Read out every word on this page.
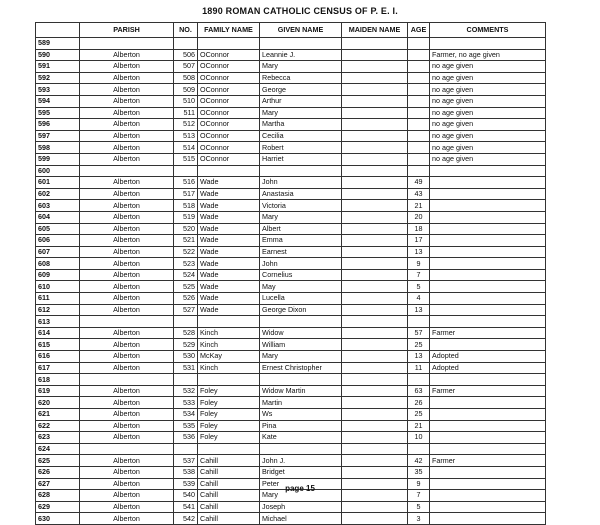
1890 ROMAN CATHOLIC CENSUS OF P. E. I.
	PARISH	NO.	FAMILY NAME	GIVEN NAME	MAIDEN NAME	AGE	COMMENTS
589							
590	Alberton	506	OConnor	Leannie J.			Farmer, no age given
591	Alberton	507	OConnor	Mary			no age given
592	Alberton	508	OConnor	Rebecca			no age given
593	Alberton	509	OConnor	George			no age given
594	Alberton	510	OConnor	Arthur			no age given
595	Alberton	511	OConnor	Mary			no age given
596	Alberton	512	OConnor	Martha			no age given
597	Alberton	513	OConnor	Cecilia			no age given
598	Alberton	514	OConnor	Robert			no age given
599	Alberton	515	OConnor	Harriet			no age given
600							
601	Alberton	516	Wade	John		49	
602	Alberton	517	Wade	Anastasia		43	
603	Alberton	518	Wade	Victoria		21	
604	Alberton	519	Wade	Mary		20	
605	Alberton	520	Wade	Albert		18	
606	Alberton	521	Wade	Emma		17	
607	Alberton	522	Wade	Earnest		13	
608	Alberton	523	Wade	John		9	
609	Alberton	524	Wade	Cornelius		7	
610	Alberton	525	Wade	May		5	
611	Alberton	526	Wade	Lucella		4	
612	Alberton	527	Wade	George Dixon		13	
613							
614	Alberton	528	Kinch	Widow		57	Farmer
615	Alberton	529	Kinch	William		25	
616	Alberton	530	McKay	Mary		13	Adopted
617	Alberton	531	Kinch	Ernest Christopher		11	Adopted
618							
619	Alberton	532	Foley	Widow Martin		63	Farmer
620	Alberton	533	Foley	Martin		26	
621	Alberton	534	Foley	Ws		25	
622	Alberton	535	Foley	Pina		21	
623	Alberton	536	Foley	Kate		10	
624							
625	Alberton	537	Cahill	John J.		42	Farmer
626	Alberton	538	Cahill	Bridget		35	
627	Alberton	539	Cahill	Peter		9	
628	Alberton	540	Cahill	Mary		7	
629	Alberton	541	Cahill	Joseph		5	
630	Alberton	542	Cahill	Michael		3	
page 15
